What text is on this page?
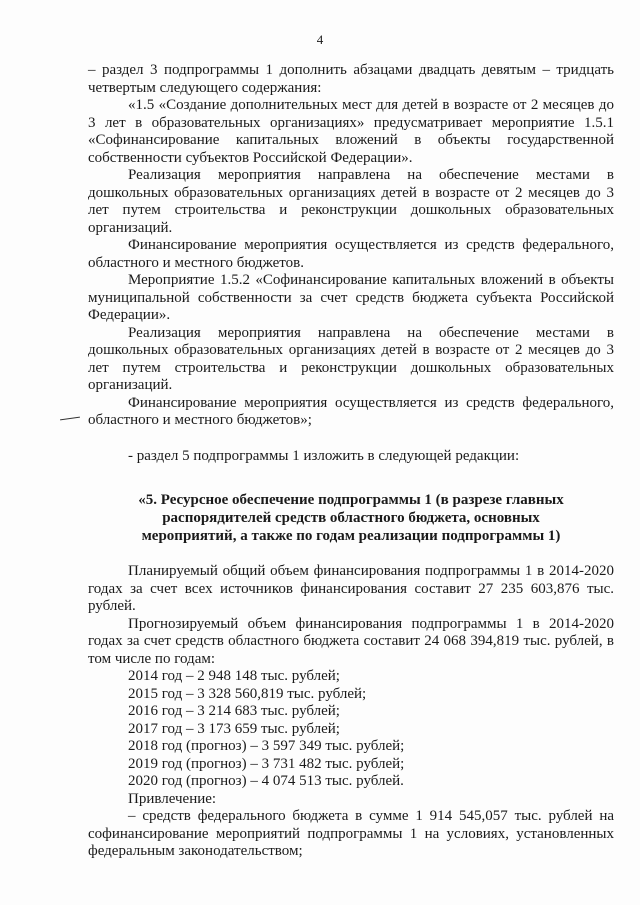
4

– раздел 3 подпрограммы 1 дополнить абзацами двадцать девятым – тридцать четвертым следующего содержания:

«1.5 «Создание дополнительных мест для детей в возрасте от 2 месяцев до 3 лет в образовательных организациях» предусматривает мероприятие 1.5.1 «Софинансирование капитальных вложений в объекты государственной собственности субъектов Российской Федерации».

Реализация мероприятия направлена на обеспечение местами в дошкольных образовательных организациях детей в возрасте от 2 месяцев до 3 лет путем строительства и реконструкции дошкольных образовательных организаций.

Финансирование мероприятия осуществляется из средств федерального, областного и местного бюджетов.

Мероприятие 1.5.2 «Софинансирование капитальных вложений в объекты муниципальной собственности за счет средств бюджета субъекта Российской Федерации».

Реализация мероприятия направлена на обеспечение местами в дошкольных образовательных организациях детей в возрасте от 2 месяцев до 3 лет путем строительства и реконструкции дошкольных образовательных организаций.

Финансирование мероприятия осуществляется из средств федерального, областного и местного бюджетов»;

- раздел 5 подпрограммы 1 изложить в следующей редакции:

«5. Ресурсное обеспечение подпрограммы 1 (в разрезе главных
распорядителей средств областного бюджета, основных
мероприятий, а также по годам реализации подпрограммы 1)

Планируемый общий объем финансирования подпрограммы 1 в 2014-2020 годах за счет всех источников финансирования составит 27 235 603,876 тыс. рублей.

Прогнозируемый объем финансирования подпрограммы 1 в 2014-2020 годах за счет средств областного бюджета составит 24 068 394,819 тыс. рублей, в том числе по годам:

2014 год – 2 948 148 тыс. рублей;
2015 год – 3 328 560,819 тыс. рублей;
2016 год – 3 214 683 тыс. рублей;
2017 год – 3 173 659 тыс. рублей;
2018 год (прогноз) – 3 597 349 тыс. рублей;
2019 год (прогноз) – 3 731 482 тыс. рублей;
2020 год (прогноз) – 4 074 513 тыс. рублей.
Привлечение:

– средств федерального бюджета в сумме 1 914 545,057 тыс. рублей на софинансирование мероприятий подпрограммы 1 на условиях, установленных федеральным законодательством;
